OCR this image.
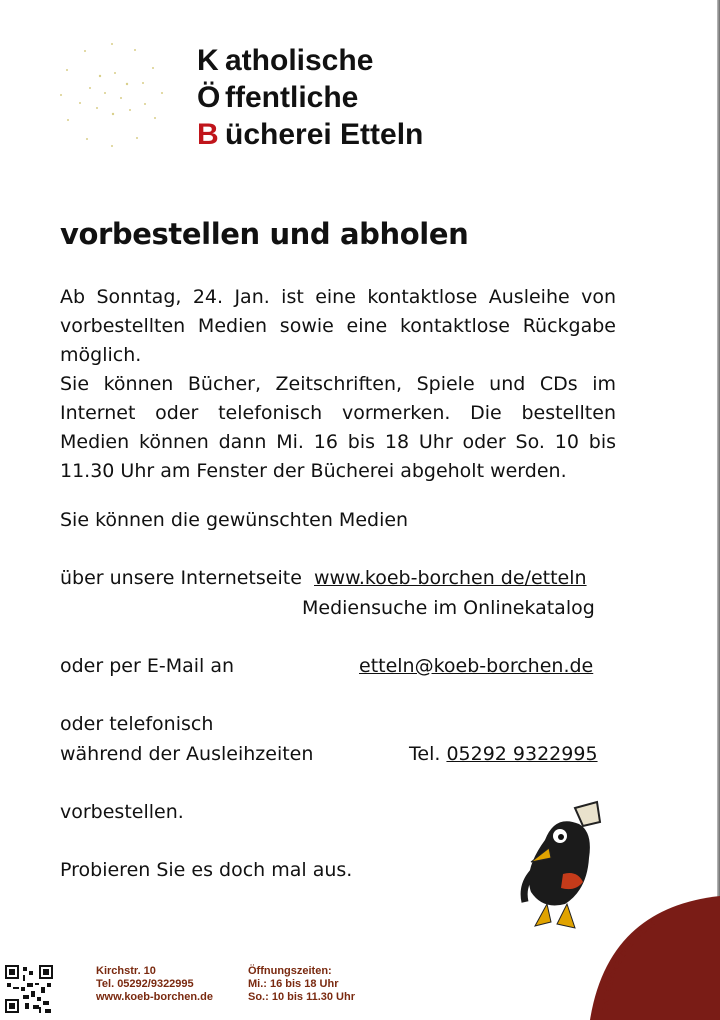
K atholische
Ö ffentliche
B ücherei Etteln
vorbestellen und abholen

Ab Sonntag, 24. Jan. ist eine kontaktlose Ausleihe von vorbestellten Medien sowie eine kontaktlose Rückgabe möglich.

Sie können Bücher, Zeitschriften, Spiele und CDs im Internet oder telefonisch vormerken. Die bestellten Medien können dann Mi. 16 bis 18 Uhr oder So. 10 bis 11.30 Uhr am Fenster der Bücherei abgeholt werden.

Sie können die gewünschten Medien
über unsere Internetseite www.koeb-borchen de/etteln
Mediensuche im Onlinekatalog
oder per E-Mail an	etteln@koeb-borchen.de
oder telefonisch
während der Ausleihzeiten	Tel. 05292 9322995
vorbestellen.
Probieren Sie es doch mal aus.
ENTDECKE DIE WELT
Kirchstr. 10
Tel. 05292/9322995
www.koeb-borchen.de
Öffnungszeiten:
Mi.: 16 bis 18 Uhr
So.: 10 bis 11.30 Uhr
